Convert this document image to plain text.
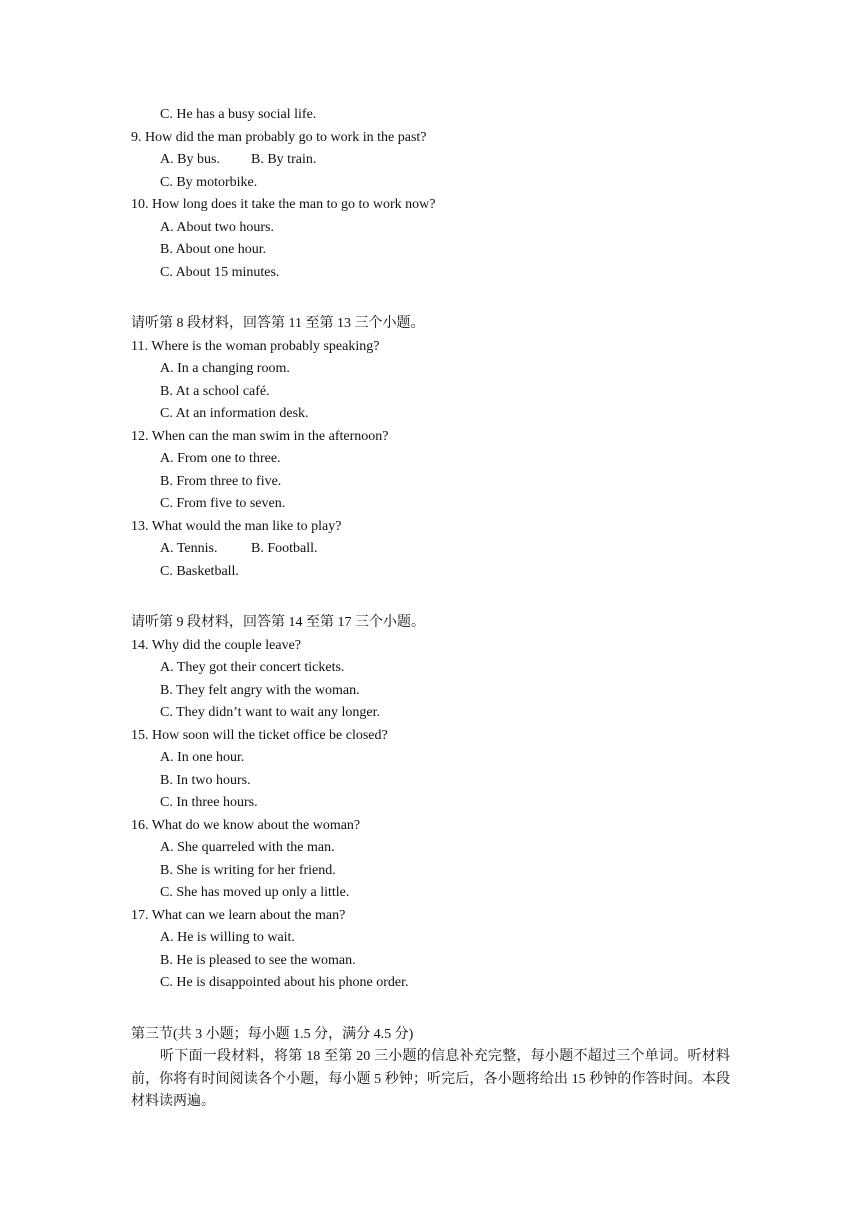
C. He has a busy social life.
9. How did the man probably go to work in the past?
A. By bus.	B. By train.
C. By motorbike.
10. How long does it take the man to go to work now?
A. About two hours.
B. About one hour.
C. About 15 minutes.
请听第 8 段材料，回答第 11 至第 13 三个小题。
11. Where is the woman probably speaking?
A. In a changing room.
B. At a school café.
C. At an information desk.
12. When can the man swim in the afternoon?
A. From one to three.
B. From three to five.
C. From five to seven.
13. What would the man like to play?
A. Tennis.	B. Football.
C. Basketball.
请听第 9 段材料，回答第 14 至第 17 三个小题。
14. Why did the couple leave?
A. They got their concert tickets.
B. They felt angry with the woman.
C. They didn’t want to wait any longer.
15. How soon will the ticket office be closed?
A. In one hour.
B. In two hours.
C. In three hours.
16. What do we know about the woman?
A. She quarreled with the man.
B. She is writing for her friend.
C. She has moved up only a little.
17. What can we learn about the man?
A. He is willing to wait.
B. He is pleased to see the woman.
C. He is disappointed about his phone order.
第三节(共 3 小题；每小题 1.5 分，满分 4.5 分)
听下面一段材料，将第 18 至第 20 三小题的信息补充完整，每小题不超过三个单词。听材料前，你将有时间阅读各个小题，每小题 5 秒钟；听完后，各小题将给出 15 秒钟的作答时间。本段材料读两遍。
